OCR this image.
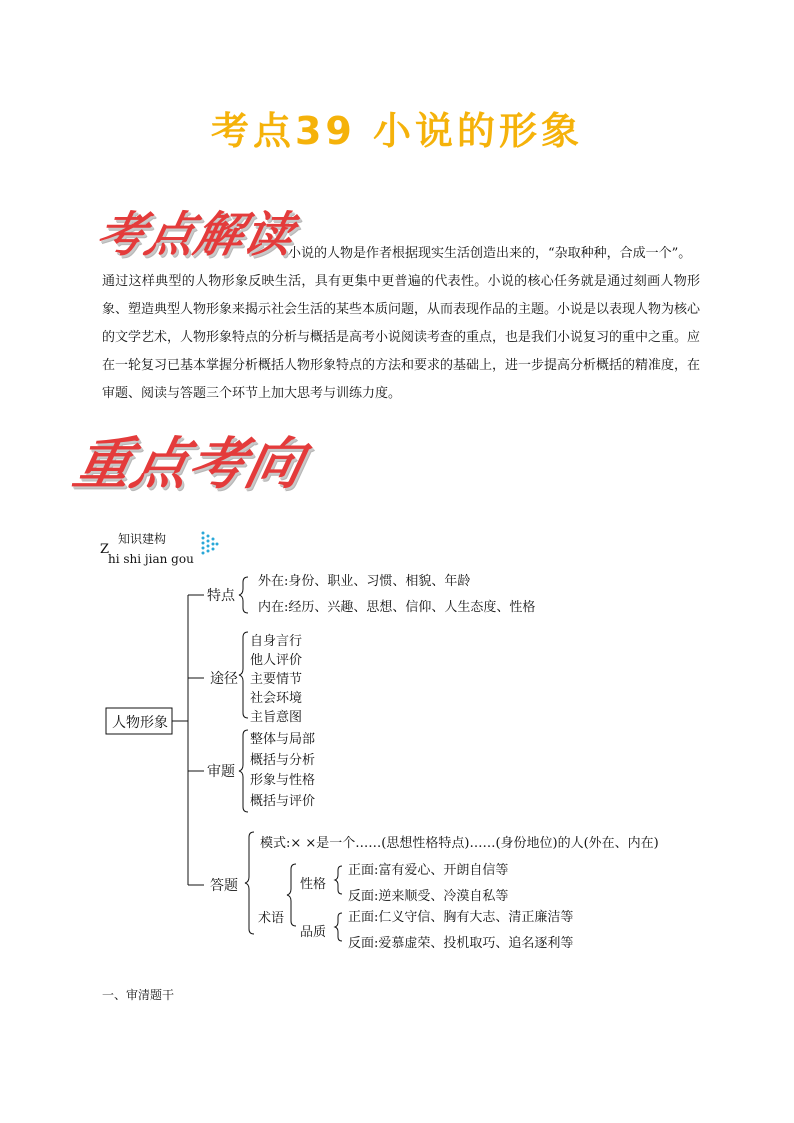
考点39 小说的形象
考点解读
小说的人物是作者根据现实生活创造出来的，“杂取种种，合成一个”。
通过这样典型的人物形象反映生活，具有更集中更普遍的代表性。小说的核心任务就是通过刻画人物形象、塑造典型人物形象来揭示社会生活的某些本质问题，从而表现作品的主题。小说是以表现人物为核心的文学艺术，人物形象特点的分析与概括是高考小说阅读考查的重点，也是我们小说复习的重中之重。应在一轮复习已基本掌握分析概括人物形象特点的方法和要求的基础上，进一步提高分析概括的精准度，在审题、阅读与答题三个环节上加大思考与训练力度。
重点考向
知识建构
Z
hi shi jian gou
人物形象
特点
外在:身份、职业、习惯、相貌、年龄
内在:经历、兴趣、思想、信仰、人生态度、性格
途径
自身言行
他人评价
主要情节
社会环境
主旨意图
审题
整体与局部
概括与分析
形象与性格
概括与评价
答题
模式:× ×是一个……(思想性格特点)……(身份地位)的人(外在、内在)
术语
性格
正面:富有爱心、开朗自信等
反面:逆来顺受、冷漠自私等
品质
正面:仁义守信、胸有大志、清正廉洁等
反面:爱慕虚荣、投机取巧、追名逐利等
一、审清题干
